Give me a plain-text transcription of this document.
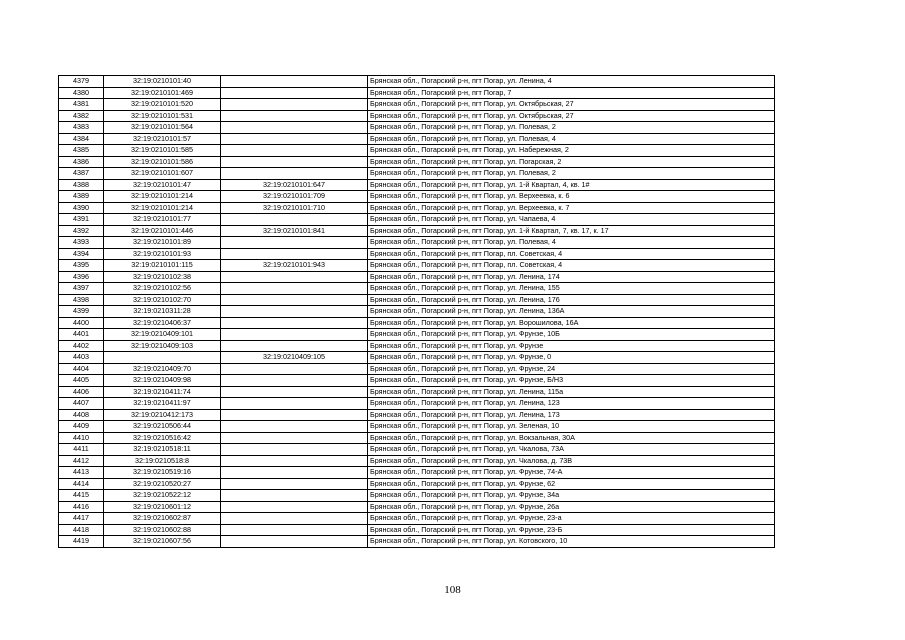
4379	32:19:0210101:40		Брянская обл., Погарский р-н, пгт Погар, ул. Ленина, 4
4380	32:19:0210101:469		Брянская обл., Погарский р-н, пгт Погар, 7
4381	32:19:0210101:520		Брянская обл., Погарский р-н, пгт Погар, ул. Октябрьская, 27
4382	32:19:0210101:531		Брянская обл., Погарский р-н, пгт Погар, ул. Октябрьская, 27
4383	32:19:0210101:564		Брянская обл., Погарский р-н, пгт Погар, ул. Полевая, 2
4384	32:19:0210101:57		Брянская обл., Погарский р-н, пгт Погар, ул. Полевая, 4
4385	32:19:0210101:585		Брянская обл., Погарский р-н, пгт Погар, ул. Набережная, 2
4386	32:19:0210101:586		Брянская обл., Погарский р-н, пгт Погар, ул. Погарская, 2
4387	32:19:0210101:607		Брянская обл., Погарский р-н, пгт Погар, ул. Полевая, 2
4388	32:19:0210101:47	32:19:0210101:647	Брянская обл., Погарский р-н, пгт Погар, ул. 1-й Квартал, 4, кв. 1#
4389	32:19:0210101:214	32:19:0210101:709	Брянская обл., Погарский р-н, пгт Погар, ул. Верхеевка, к. 6
4390	32:19:0210101:214	32:19:0210101:710	Брянская обл., Погарский р-н, пгт Погар, ул. Верхеевка, к. 7
4391	32:19:0210101:77		Брянская обл., Погарский р-н, пгт Погар, ул. Чапаева, 4
4392	32:19:0210101:446	32:19:0210101:841	Брянская обл., Погарский р-н, пгт Погар, ул. 1-й Квартал, 7, кв. 17, к. 17
4393	32:19:0210101:89		Брянская обл., Погарский р-н, пгт Погар, ул. Полевая, 4
4394	32:19:0210101:93		Брянская обл., Погарский р-н, пгт Погар, пл. Советская, 4
4395	32:19:0210101:115	32:19:0210101:943	Брянская обл., Погарский р-н, пгт Погар, пл. Советская, 4
4396	32:19:0210102:38		Брянская обл., Погарский р-н, пгт Погар, ул. Ленина, 174
4397	32:19:0210102:56		Брянская обл., Погарский р-н, пгт Погар, ул. Ленина, 155
4398	32:19:0210102:70		Брянская обл., Погарский р-н, пгт Погар, ул. Ленина, 176
4399	32:19:0210311:28		Брянская обл., Погарский р-н, пгт Погар, ул. Ленина, 136А
4400	32:19:0210406:37		Брянская обл., Погарский р-н, пгт Погар, ул. Ворошилова, 16А
4401	32:19:0210409:101		Брянская обл., Погарский р-н, пгт Погар, ул. Фрунзе, 10Б
4402	32:19:0210409:103		Брянская обл., Погарский р-н, пгт Погар, ул. Фрунзе
4403		32:19:0210409:105	Брянская обл., Погарский р-н, пгт Погар, ул. Фрунзе, 0
4404	32:19:0210409:70		Брянская обл., Погарский р-н, пгт Погар, ул. Фрунзе, 24
4405	32:19:0210409:98		Брянская обл., Погарский р-н, пгт Погар, ул. Фрунзе, Б/Н3
4406	32:19:0210411:74		Брянская обл., Погарский р-н, пгт Погар, ул. Ленина, 115а
4407	32:19:0210411:97		Брянская обл., Погарский р-н, пгт Погар, ул. Ленина, 123
4408	32:19:0210412:173		Брянская обл., Погарский р-н, пгт Погар, ул. Ленина, 173
4409	32:19:0210506:44		Брянская обл., Погарский р-н, пгт Погар, ул. Зеленая, 10
4410	32:19:0210516:42		Брянская обл., Погарский р-н, пгт Погар, ул. Вокзальная, 30А
4411	32:19:0210518:11		Брянская обл., Погарский р-н, пгт Погар, ул. Чкалова, 73А
4412	32:19:0210518:8		Брянская обл., Погарский р-н, пгт Погар, ул. Чкалова, д. 73В
4413	32:19:0210519:16		Брянская обл., Погарский р-н, пгт Погар, ул. Фрунзе, 74-А
4414	32:19:0210520:27		Брянская обл., Погарский р-н, пгт Погар, ул. Фрунзе, 62
4415	32:19:0210522:12		Брянская обл., Погарский р-н, пгт Погар, ул. Фрунзе, 34а
4416	32:19:0210601:12		Брянская обл., Погарский р-н, пгт Погар, ул. Фрунзе, 26а
4417	32:19:0210602:87		Брянская обл., Погарский р-н, пгт Погар, ул. Фрунзе, 23-а
4418	32:19:0210602:88		Брянская обл., Погарский р-н, пгт Погар, ул. Фрунзе, 23-Б
4419	32:19:0210607:56		Брянская обл., Погарский р-н, пгт Погар, ул. Котовского, 10
108
